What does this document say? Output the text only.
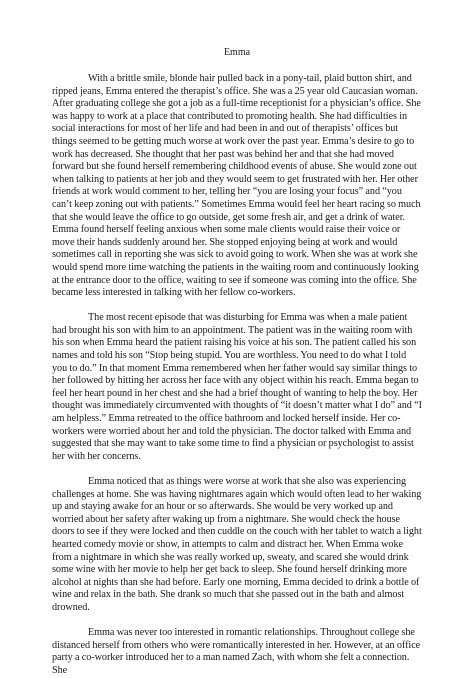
Emma

With a brittle smile, blonde hair pulled back in a pony-tail, plaid button shirt, and ripped jeans, Emma entered the therapist’s office. She was a 25 year old Caucasian woman. After graduating college she got a job as a full-time receptionist for a physician’s office. She was happy to work at a place that contributed to promoting health. She had difficulties in social interactions for most of her life and had been in and out of therapists’ offices but things seemed to be getting much worse at work over the past year. Emma’s desire to go to work has decreased. She thought that her past was behind her and that she had moved forward but she found herself remembering childhood events of abuse. She would zone out when talking to patients at her job and they would seem to get frustrated with her. Her other friends at work would comment to her, telling her “you are losing your focus” and “you can’t keep zoning out with patients.” Sometimes Emma would feel her heart racing so much that she would leave the office to go outside, get some fresh air, and get a drink of water. Emma found herself feeling anxious when some male clients would raise their voice or move their hands suddenly around her. She stopped enjoying being at work and would sometimes call in reporting she was sick to avoid going to work. When she was at work she would spend more time watching the patients in the waiting room and continuously looking at the entrance door to the office, waiting to see if someone was coming into the office. She became less interested in talking with her fellow co-workers.

The most recent episode that was disturbing for Emma was when a male patient had brought his son with him to an appointment. The patient was in the waiting room with his son when Emma heard the patient raising his voice at his son. The patient called his son names and told his son “Stop being stupid. You are worthless. You need to do what I told you to do.” In that moment Emma remembered when her father would say similar things to her followed by hitting her across her face with any object within his reach. Emma began to feel her heart pound in her chest and she had a brief thought of wanting to help the boy. Her thought was immediately circumvented with thoughts of “it doesn’t matter what I do” and “I am helpless.” Emma retreated to the office bathroom and locked herself inside. Her co-workers were worried about her and told the physician. The doctor talked with Emma and suggested that she may want to take some time to find a physician or psychologist to assist her with her concerns.

Emma noticed that as things were worse at work that she also was experiencing challenges at home. She was having nightmares again which would often lead to her waking up and staying awake for an hour or so afterwards. She would be very worked up and worried about her safety after waking up from a nightmare. She would check the house doors to see if they were locked and then cuddle on the couch with her tablet to watch a light hearted comedy movie or show, in attempts to calm and distract her. When Emma woke from a nightmare in which she was really worked up, sweaty, and scared she would drink some wine with her movie to help her get back to sleep. She found herself drinking more alcohol at nights than she had before. Early one morning, Emma decided to drink a bottle of wine and relax in the bath. She drank so much that she passed out in the bath and almost drowned.

Emma was never too interested in romantic relationships. Throughout college she distanced herself from others who were romantically interested in her. However, at an office party a co-worker introduced her to a man named Zach, with whom she felt a connection. She
